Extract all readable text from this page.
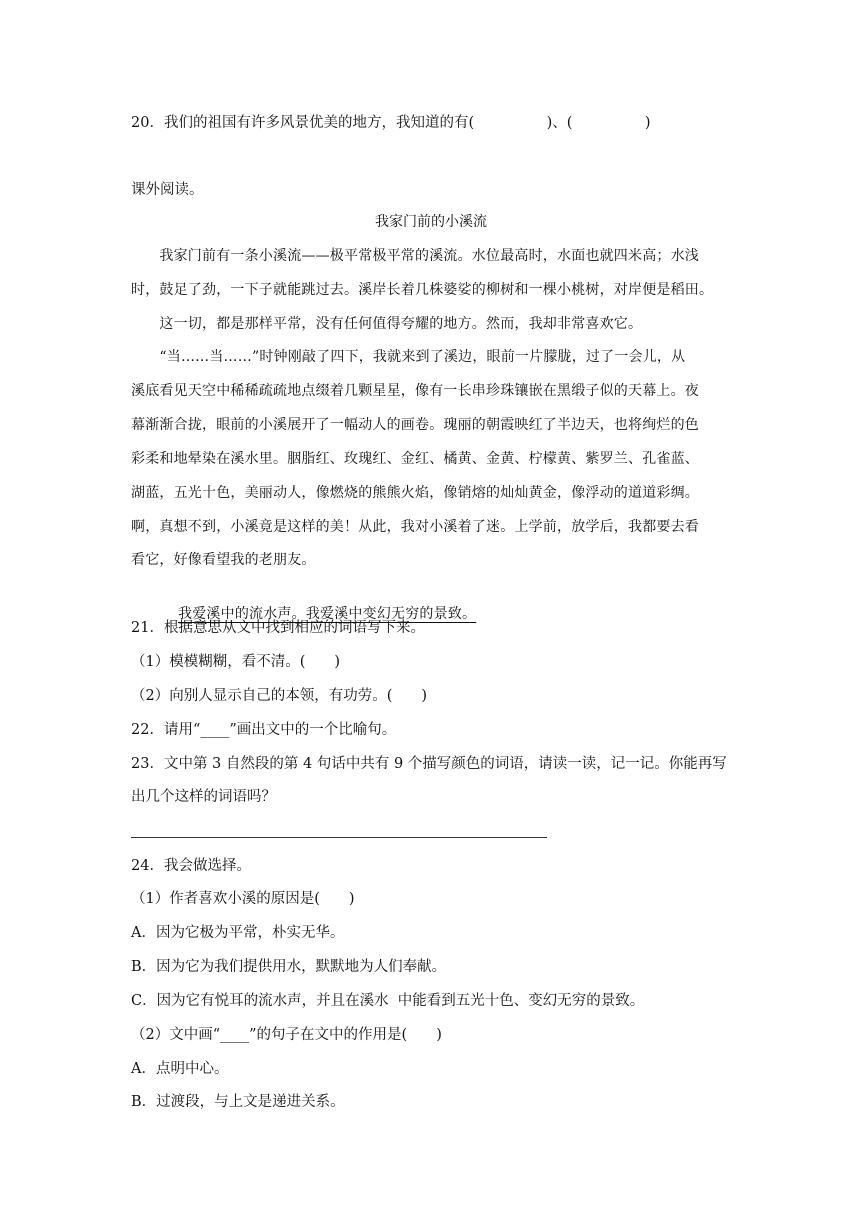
20．我们的祖国有许多风景优美的地方，我知道的有(　　　　　)、(　　　　　)
课外阅读。
我家门前的小溪流
　　我家门前有一条小溪流——极平常极平常的溪流。水位最高时，水面也就四米高；水浅
时，鼓足了劲，一下子就能跳过去。溪岸长着几株婆娑的柳树和一棵小桃树，对岸便是稻田。
　　这一切，都是那样平常，没有任何值得夸耀的地方。然而，我却非常喜欢它。
　　“当……当……”时钟刚敲了四下，我就来到了溪边，眼前一片朦胧，过了一会儿，从
溪底看见天空中稀稀疏疏地点缀着几颗星星，像有一长串珍珠镶嵌在黑缎子似的天幕上。夜
幕渐渐合拢，眼前的小溪展开了一幅动人的画卷。瑰丽的朝霞映红了半边天，也将绚烂的色
彩柔和地晕染在溪水里。胭脂红、玫瑰红、金红、橘黄、金黄、柠檬黄、紫罗兰、孔雀蓝、
湖蓝，五光十色，美丽动人，像燃烧的熊熊火焰，像销熔的灿灿黄金，像浮动的道道彩绸。
啊，真想不到，小溪竟是这样的美！从此，我对小溪着了迷。上学前，放学后，我都要去看
看它，好像看望我的老朋友。

　　我爱溪中的流水声。我爱溪中变幻无穷的景致。

21．根据意思从文中找到相应的词语写下来。
（1）模模糊糊，看不清。(　　)
（2）向别人显示自己的本领，有功劳。(　　)
22．请用“____”画出文中的一个比喻句。
23．文中第 3 自然段的第 4 句话中共有 9 个描写颜色的词语，请读一读，记一记。你能再写
出几个这样的词语吗？
24．我会做选择。
（1）作者喜欢小溪的原因是(　　)
A．因为它极为平常，朴实无华。
B．因为它为我们提供用水，默默地为人们奉献。
C．因为它有悦耳的流水声，并且在溪水  中能看到五光十色、变幻无穷的景致。
（2）文中画“____”的句子在文中的作用是(　　)
A．点明中心。
B．过渡段，与上文是递进关系。
